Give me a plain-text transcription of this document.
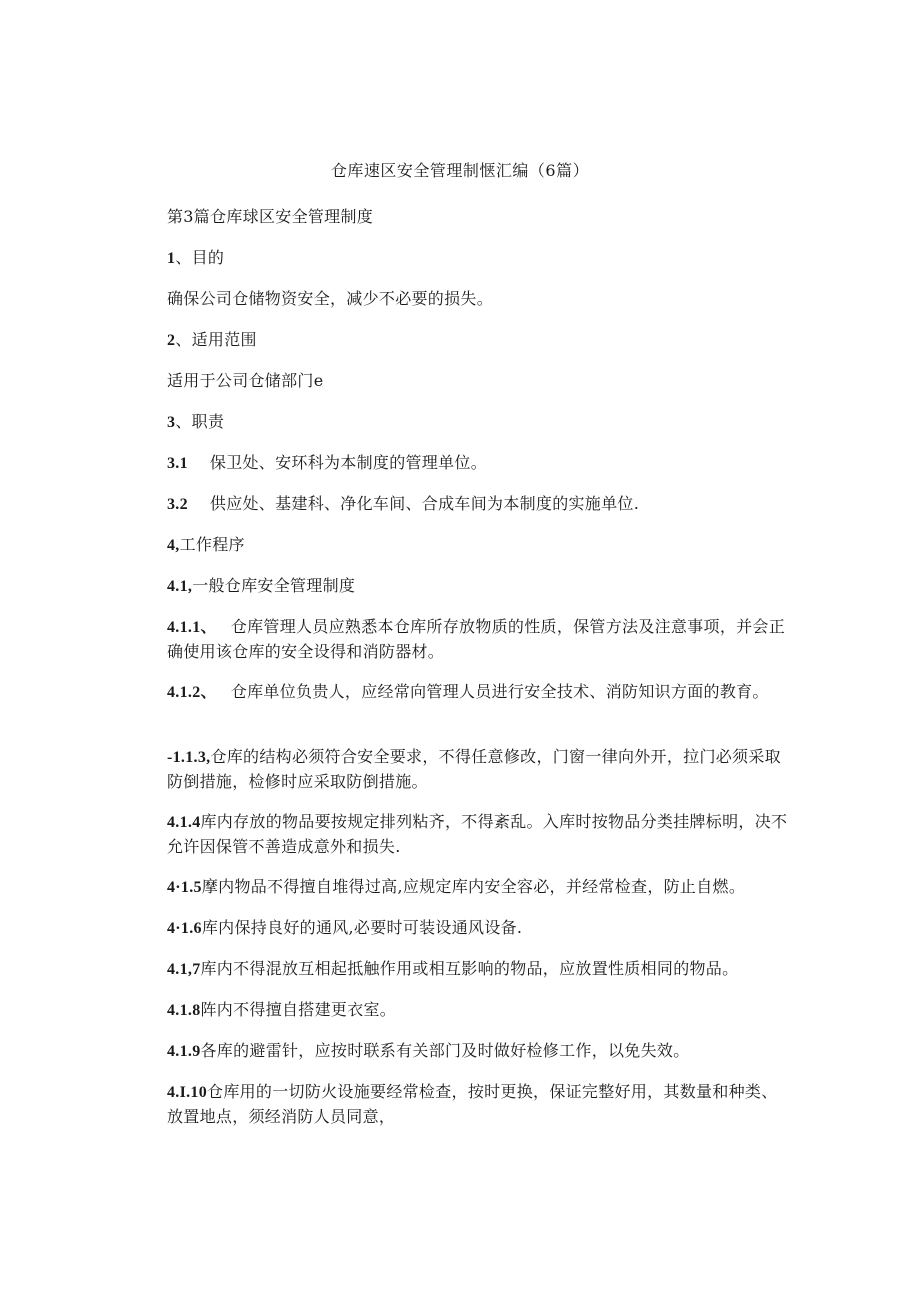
仓库速区安全管理制惬汇编（6篇）
第3篇仓库球区安全管理制度
1、目的
确保公司仓储物资安全，减少不必要的损失。
2、适用范围
适用于公司仓储部门e
3、职责
3.1 保卫处、安环科为本制度的管理单位。
3.2 供应处、基建科、净化车间、合成车间为本制度的实施单位.
4,工作程序
4.1,一般仓库安全管理制度
4.1.1、 仓库管理人员应熟悉本仓库所存放物质的性质，保管方法及注意事项，并会正确使用该仓库的安全设得和消防器材。
4.1.2、 仓库单位负贵人，应经常向管理人员进行安全技术、消防知识方面的教育。
-1.1.3,仓库的结构必须符合安全要求，不得任意修改，门窗一律向外开，拉门必须采取防倒措施，检修时应采取防倒措施。
4.1.4库内存放的物品要按规定排列粘齐，不得紊乱。入库时按物品分类挂牌标明，决不允许因保管不善造成意外和损失.
4·1.5摩内物品不得擅自堆得过高,应规定库内安全容必，并经常检查，防止自燃。
4·1.6库内保持良好的通风,必要时可装设通风设备.
4.1,7库内不得混放互相起抵触作用或相互影响的物品，应放置性质相同的物品。
4.1.8阵内不得擅自搭建更衣室。
4.1.9各库的避雷针，应按时联系有关部门及时做好检修工作，以免失效。
4.I.10仓库用的一切防火设施要经常检查，按时更换，保证完整好用，其数量和种类、放置地点，须经消防人员同意，
